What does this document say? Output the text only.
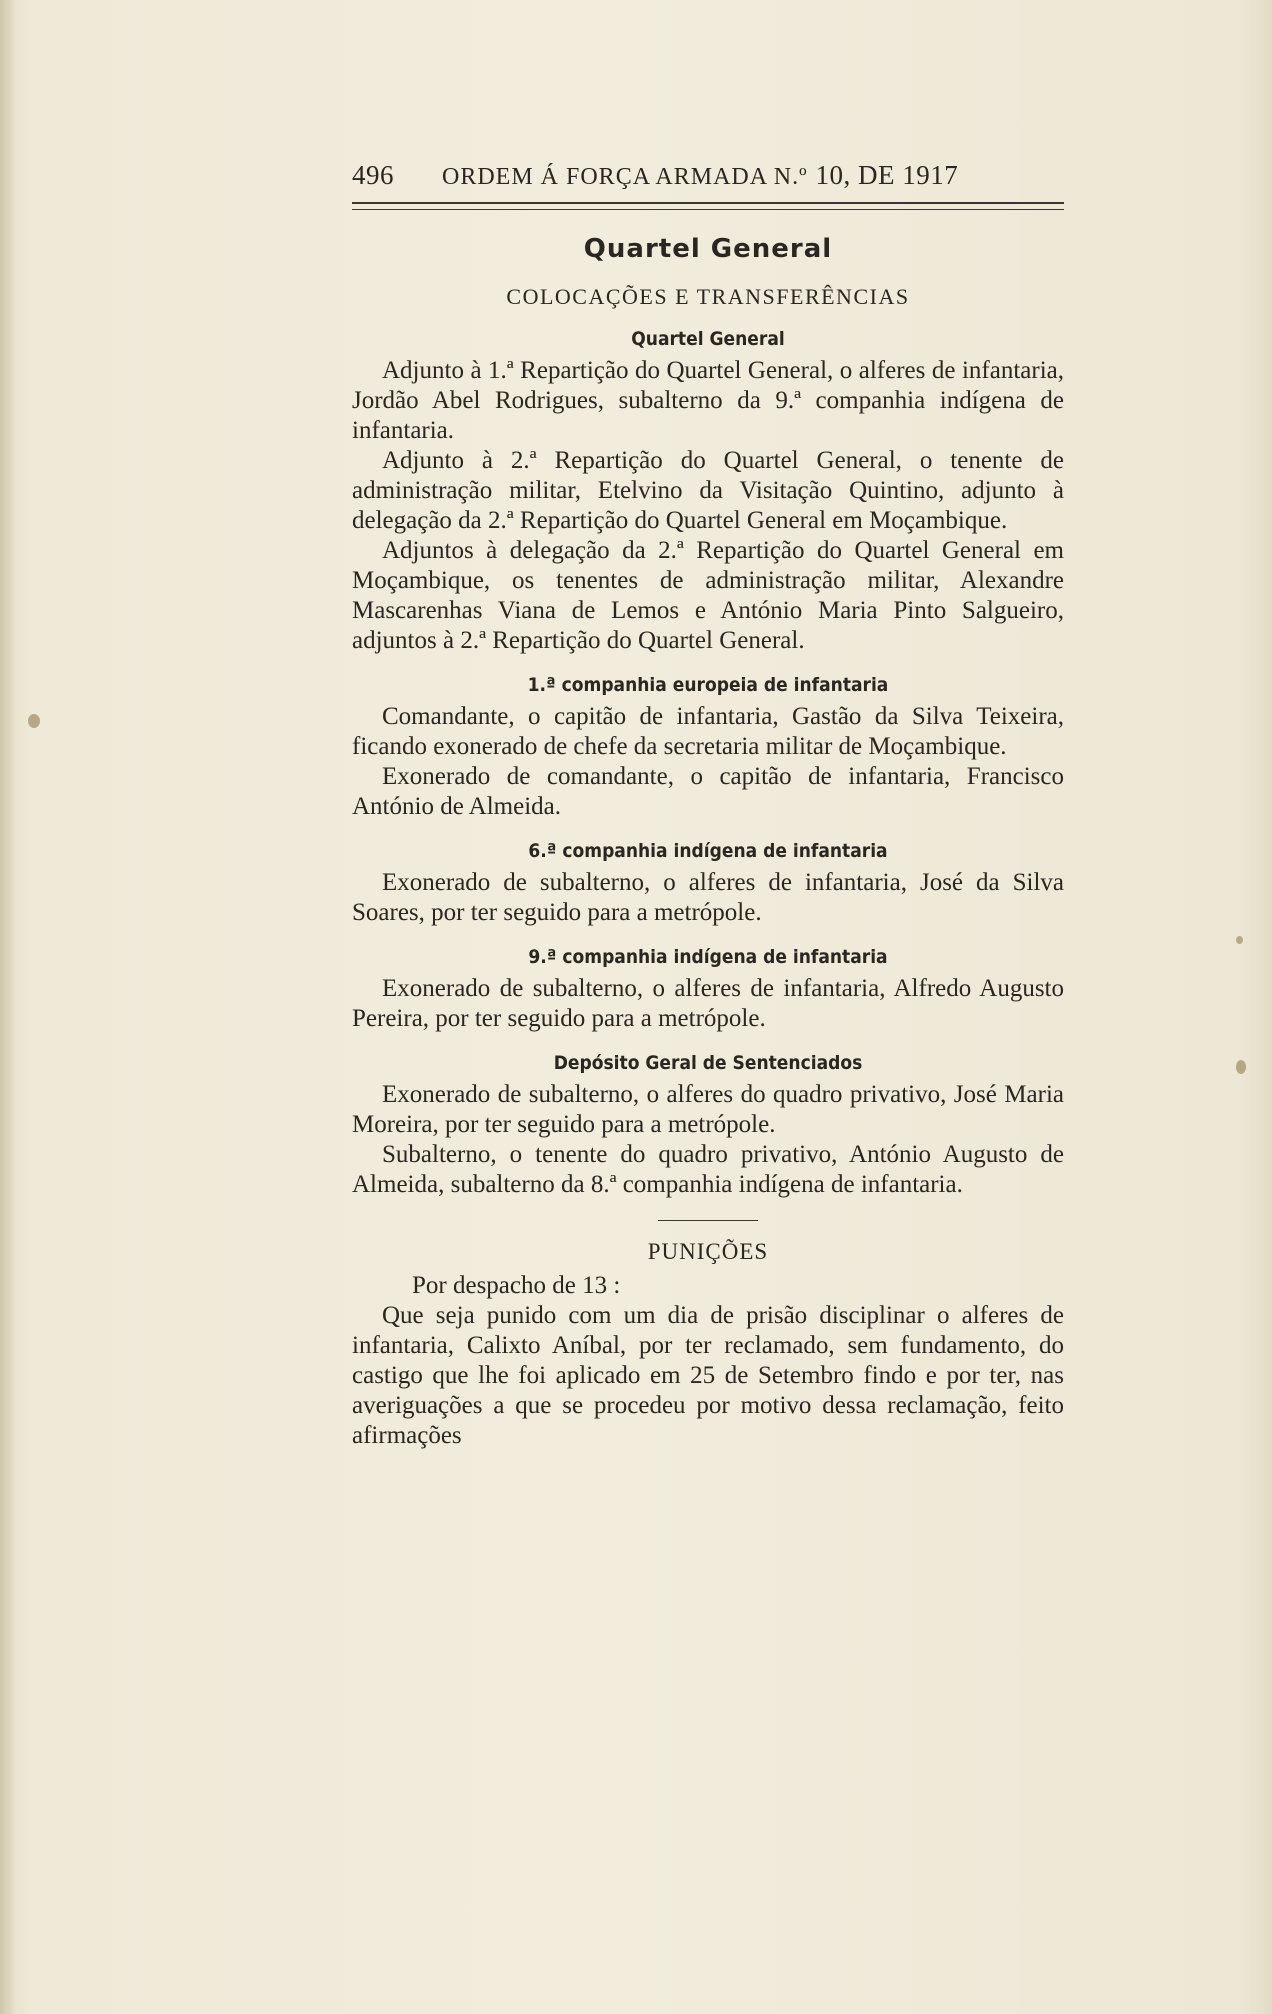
496 ORDEM Á FORÇA ARMADA N.º 10, DE 1917
Quartel General
COLOCAÇÕES E TRANSFERÊNCIAS
Quartel General

Adjunto à 1.ª Repartição do Quartel General, o alferes de infantaria, Jordão Abel Rodrigues, subalterno da 9.ª companhia indígena de infantaria.

Adjunto à 2.ª Repartição do Quartel General, o tenente de administração militar, Etelvino da Visitação Quintino, adjunto à delegação da 2.ª Repartição do Quartel General em Moçambique.

Adjuntos à delegação da 2.ª Repartição do Quartel General em Moçambique, os tenentes de administração militar, Alexandre Mascarenhas Viana de Lemos e António Maria Pinto Salgueiro, adjuntos à 2.ª Repartição do Quartel General.

1.ª companhia europeia de infantaria

Comandante, o capitão de infantaria, Gastão da Silva Teixeira, ficando exonerado de chefe da secretaria militar de Moçambique.

Exonerado de comandante, o capitão de infantaria, Francisco António de Almeida.

6.ª companhia indígena de infantaria

Exonerado de subalterno, o alferes de infantaria, José da Silva Soares, por ter seguido para a metrópole.

9.ª companhia indígena de infantaria

Exonerado de subalterno, o alferes de infantaria, Alfredo Augusto Pereira, por ter seguido para a metrópole.

Depósito Geral de Sentenciados

Exonerado de subalterno, o alferes do quadro privativo, José Maria Moreira, por ter seguido para a metrópole.

Subalterno, o tenente do quadro privativo, António Augusto de Almeida, subalterno da 8.ª companhia indígena de infantaria.

PUNIÇÕES

Por despacho de 13 :

Que seja punido com um dia de prisão disciplinar o alferes de infantaria, Calixto Aníbal, por ter reclamado, sem fundamento, do castigo que lhe foi aplicado em 25 de Setembro findo e por ter, nas averiguações a que se procedeu por motivo dessa reclamação, feito afirmações
